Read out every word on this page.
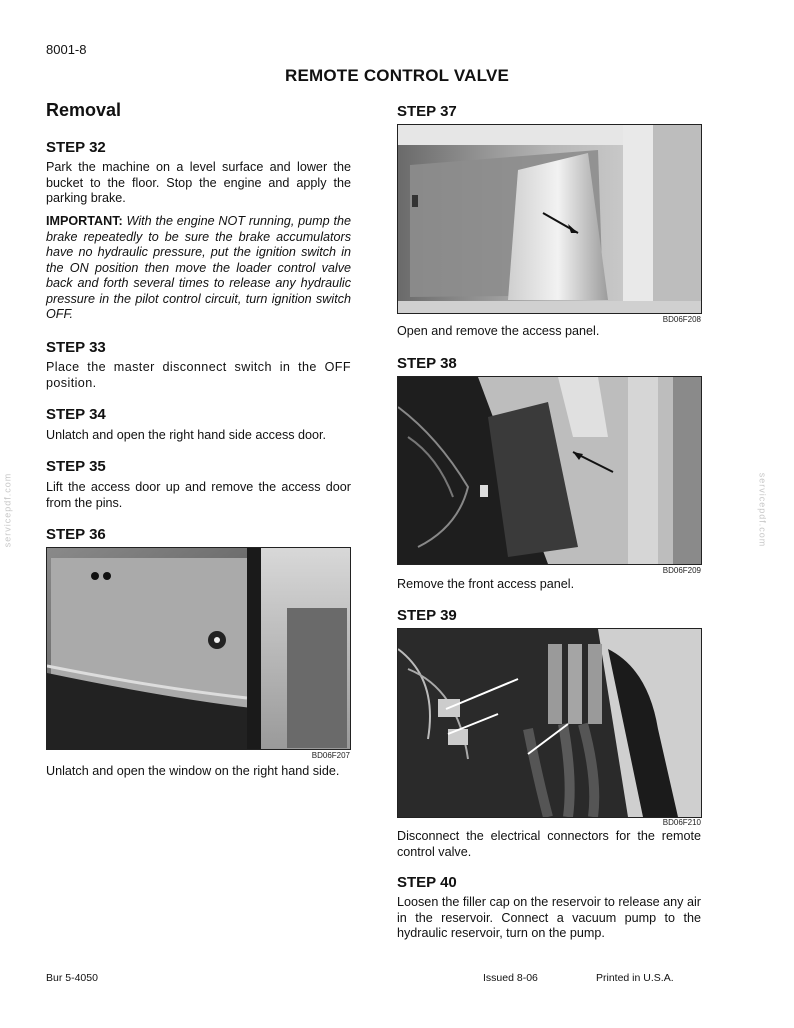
8001-8
REMOTE CONTROL VALVE
Removal
STEP 32
Park the machine on a level surface and lower the bucket to the floor. Stop the engine and apply the parking brake.
IMPORTANT: With the engine NOT running, pump the brake repeatedly to be sure the brake accumulators have no hydraulic pressure, put the ignition switch in the ON position then move the loader control valve back and forth several times to release any hydraulic pressure in the pilot control circuit, turn ignition switch OFF.
STEP 33
Place the master disconnect switch in the OFF position.
STEP 34
Unlatch and open the right hand side access door.
STEP 35
Lift the access door up and remove the access door from the pins.
STEP 36
BD06F207
Unlatch and open the window on the right hand side.
STEP 37
BD06F208
Open and remove the access panel.
STEP 38
BD06F209
Remove the front access panel.
STEP 39
BD06F210
Disconnect the electrical connectors for the remote control valve.
STEP 40
Loosen the filler cap on the reservoir to release any air in the reservoir. Connect a vacuum pump to the hydraulic reservoir, turn on the pump.
servicepdf.com	servicepdf.com
Bur 5-4050	Issued 8-06	Printed in U.S.A.
